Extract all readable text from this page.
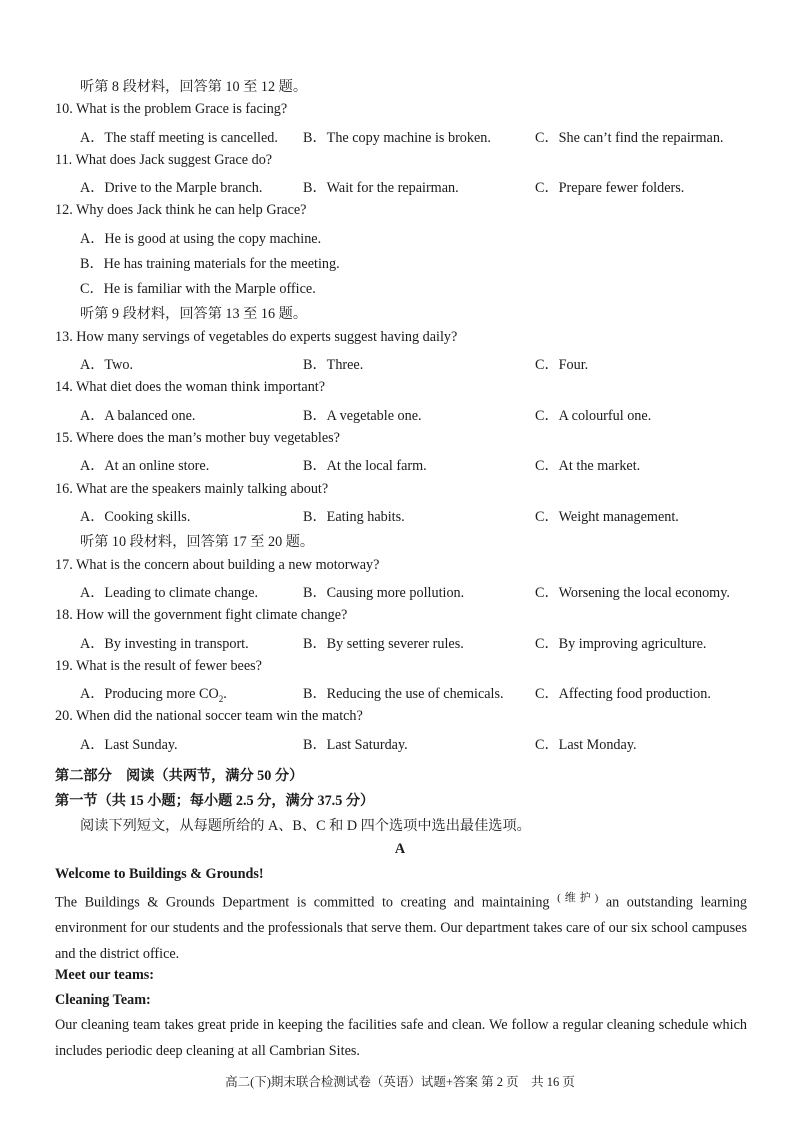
听第 8 段材料，回答第 10 至 12 题。
10. What is the problem Grace is facing?
A．The staff meeting is cancelled. B．The copy machine is broken.	C．She can’t find the repairman.
11. What does Jack suggest Grace do?
A．Drive to the Marple branch.	B．Wait for the repairman.	C．Prepare fewer folders.
12. Why does Jack think he can help Grace?
A．He is good at using the copy machine.
B．He has training materials for the meeting.
C．He is familiar with the Marple office.
听第 9 段材料，回答第 13 至 16 题。
13. How many servings of vegetables do experts suggest having daily?
A．Two.	B．Three.	C．Four.
14. What diet does the woman think important?
A．A balanced one.	B．A vegetable one.	C．A colourful one.
15. Where does the man’s mother buy vegetables?
A．At an online store.	B．At the local farm.	C．At the market.
16. What are the speakers mainly talking about?
A．Cooking skills.	B．Eating habits.	C．Weight management.
听第 10 段材料，回答第 17 至 20 题。
17. What is the concern about building a new motorway?
A．Leading to climate change.	B．Causing more pollution.	C．Worsening the local economy.
18. How will the government fight climate change?
A．By investing in transport.	B．By setting severer rules.	C．By improving agriculture.
19. What is the result of fewer bees?
A．Producing more $CO_2$.	B．Reducing the use of chemicals. C．Affecting food production.
20. When did the national soccer team win the match?
A．Last Sunday.	B．Last Saturday.	C．Last Monday.
第二部分　阅读（共两节，满分 50 分）
第一节（共 15 小题；每小题 2.5 分，满分 37.5 分）
阅读下列短文，从每题所给的 A、B、C 和 D 四个选项中选出最佳选项。
A
Welcome to Buildings & Grounds!
The Buildings & Grounds Department is committed to creating and maintaining $^{(维护)}$ an outstanding learning environment for our students and the professionals that serve them. Our department takes care of our six school campuses and the district office.
Meet our teams:
Cleaning Team:
Our cleaning team takes great pride in keeping the facilities safe and clean. We follow a regular cleaning schedule which includes periodic deep cleaning at all Cambrian Sites.
高二(下)期末联合检测试卷（英语）试题+答案 第 2 页　共 16 页
